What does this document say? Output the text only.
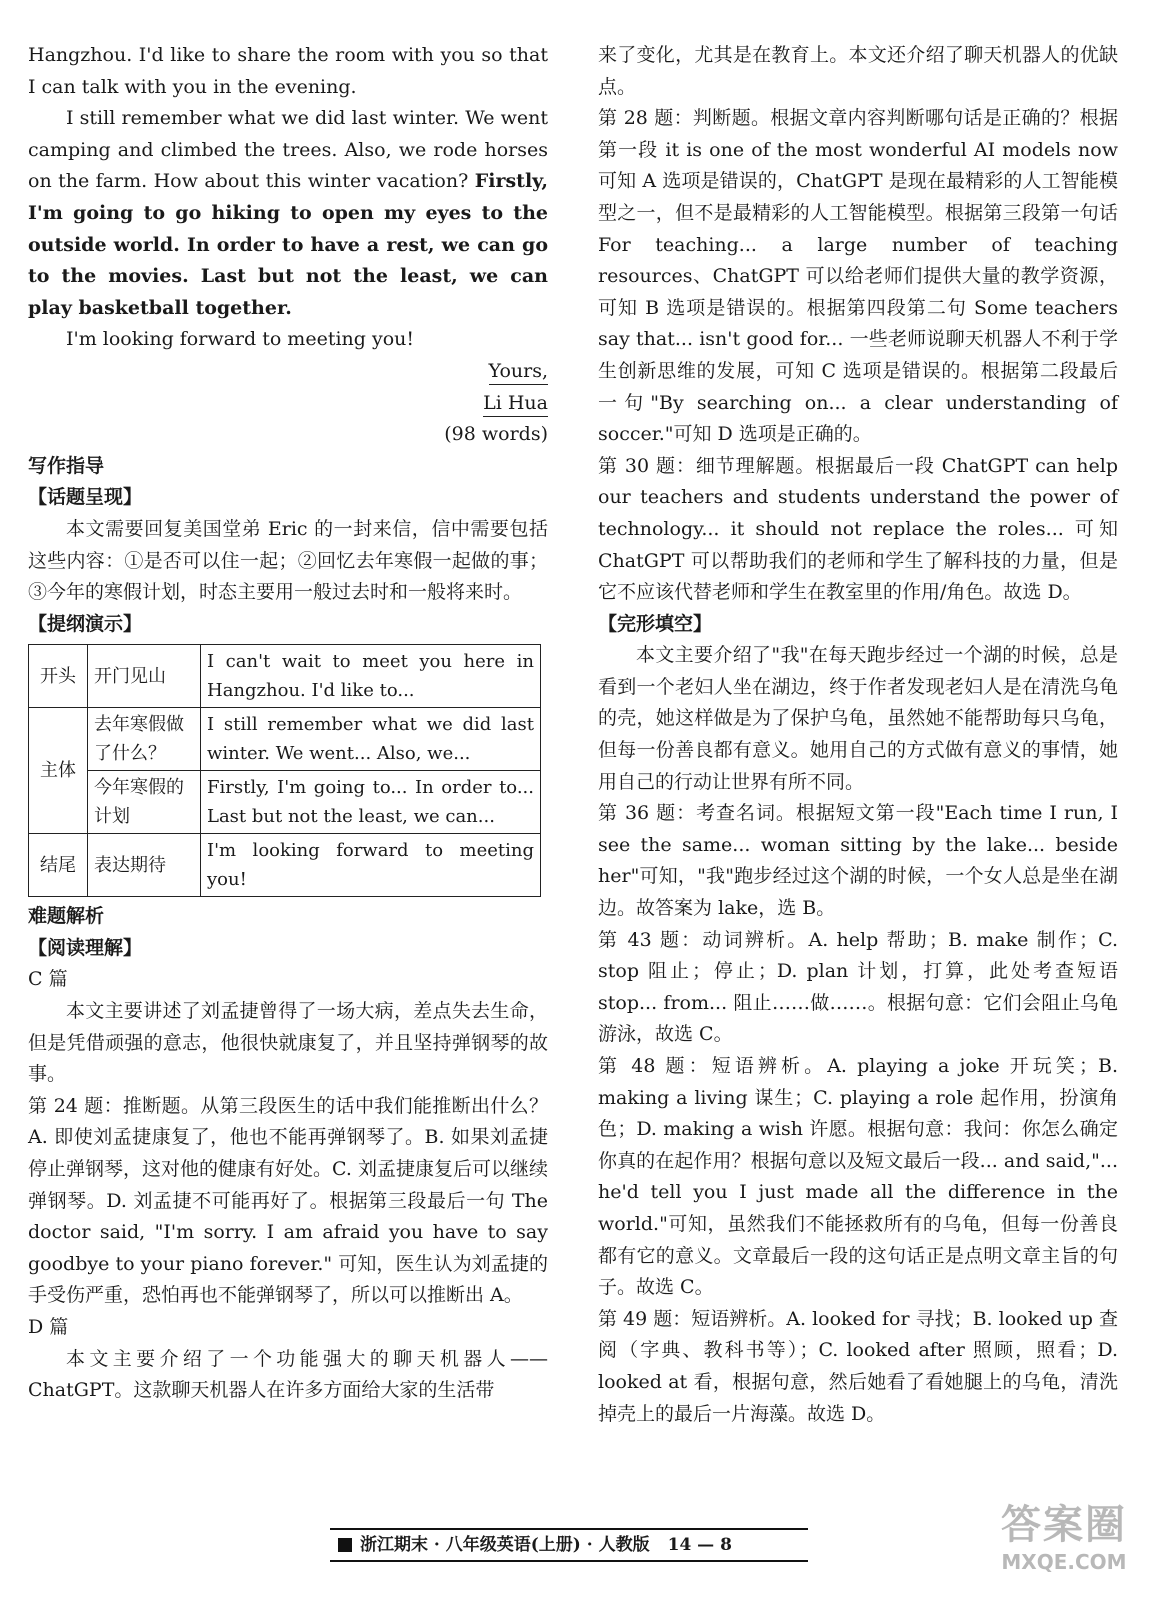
Hangzhou. I'd like to share the room with you so that I can talk with you in the evening.

I still remember what we did last winter. We went camping and climbed the trees. Also, we rode horses on the farm. How about this winter vacation? Firstly, I'm going to go hiking to open my eyes to the outside world. In order to have a rest, we can go to the movies. Last but not the least, we can play basketball together.

I'm looking forward to meeting you!

Yours,

Li Hua

(98 words)

写作指导

【话题呈现】

本文需要回复美国堂弟 Eric 的一封来信，信中需要包括这些内容：①是否可以住一起；②回忆去年寒假一起做的事；③今年的寒假计划，时态主要用一般过去时和一般将来时。

【提纲演示】

开头	开门见山	I can't wait to meet you here in Hangzhou. I'd like to...
主体	去年寒假做了什么？	I still remember what we did last winter. We went... Also, we...
	今年寒假的计划	Firstly, I'm going to... In order to... Last but not the least, we can...
结尾	表达期待	I'm looking forward to meeting you!

难题解析

【阅读理解】

C 篇

本文主要讲述了刘孟捷曾得了一场大病，差点失去生命，但是凭借顽强的意志，他很快就康复了，并且坚持弹钢琴的故事。

第 24 题：推断题。从第三段医生的话中我们能推断出什么？A. 即使刘孟捷康复了，他也不能再弹钢琴了。B. 如果刘孟捷停止弹钢琴，这对他的健康有好处。C. 刘孟捷康复后可以继续弹钢琴。D. 刘孟捷不可能再好了。根据第三段最后一句 The doctor said, "I'm sorry. I am afraid you have to say goodbye to your piano forever." 可知，医生认为刘孟捷的手受伤严重，恐怕再也不能弹钢琴了，所以可以推断出 A。

D 篇

本文主要介绍了一个功能强大的聊天机器人——ChatGPT。这款聊天机器人在许多方面给大家的生活带

来了变化，尤其是在教育上。本文还介绍了聊天机器人的优缺点。

第 28 题：判断题。根据文章内容判断哪句话是正确的？根据第一段 it is one of the most wonderful AI models now 可知 A 选项是错误的，ChatGPT 是现在最精彩的人工智能模型之一，但不是最精彩的人工智能模型。根据第三段第一句话 For teaching... a large number of teaching resources、ChatGPT 可以给老师们提供大量的教学资源，可知 B 选项是错误的。根据第四段第二句 Some teachers say that... isn't good for... 一些老师说聊天机器人不利于学生创新思维的发展，可知 C 选项是错误的。根据第二段最后一句"By searching on... a clear understanding of soccer."可知 D 选项是正确的。

第 30 题：细节理解题。根据最后一段 ChatGPT can help our teachers and students understand the power of technology... it should not replace the roles... 可知 ChatGPT 可以帮助我们的老师和学生了解科技的力量，但是它不应该代替老师和学生在教室里的作用/角色。故选 D。

【完形填空】

本文主要介绍了"我"在每天跑步经过一个湖的时候，总是看到一个老妇人坐在湖边，终于作者发现老妇人是在清洗乌龟的壳，她这样做是为了保护乌龟，虽然她不能帮助每只乌龟，但每一份善良都有意义。她用自己的方式做有意义的事情，她用自己的行动让世界有所不同。

第 36 题：考查名词。根据短文第一段"Each time I run, I see the same... woman sitting by the lake... beside her"可知，"我"跑步经过这个湖的时候，一个女人总是坐在湖边。故答案为 lake，选 B。

第 43 题：动词辨析。A. help 帮助；B. make 制作；C. stop 阻止；停止；D. plan 计划，打算，此处考查短语 stop... from... 阻止……做……。根据句意：它们会阻止乌龟游泳，故选 C。

第 48 题：短语辨析。A. playing a joke 开玩笑；B. making a living 谋生；C. playing a role 起作用，扮演角色；D. making a wish 许愿。根据句意：我问：你怎么确定你真的在起作用？根据句意以及短文最后一段... and said,"... he'd tell you I just made all the difference in the world."可知，虽然我们不能拯救所有的乌龟，但每一份善良都有它的意义。文章最后一段的这句话正是点明文章主旨的句子。故选 C。

第 49 题：短语辨析。A. looked for 寻找；B. looked up 查阅（字典、教科书等）；C. looked after 照顾，照看；D. looked at 看，根据句意，然后她看了看她腿上的乌龟，清洗掉壳上的最后一片海藻。故选 D。

浙江期末 · 八年级英语(上册) · 人教版 14 — 8	答案圈
MXQE.COM
